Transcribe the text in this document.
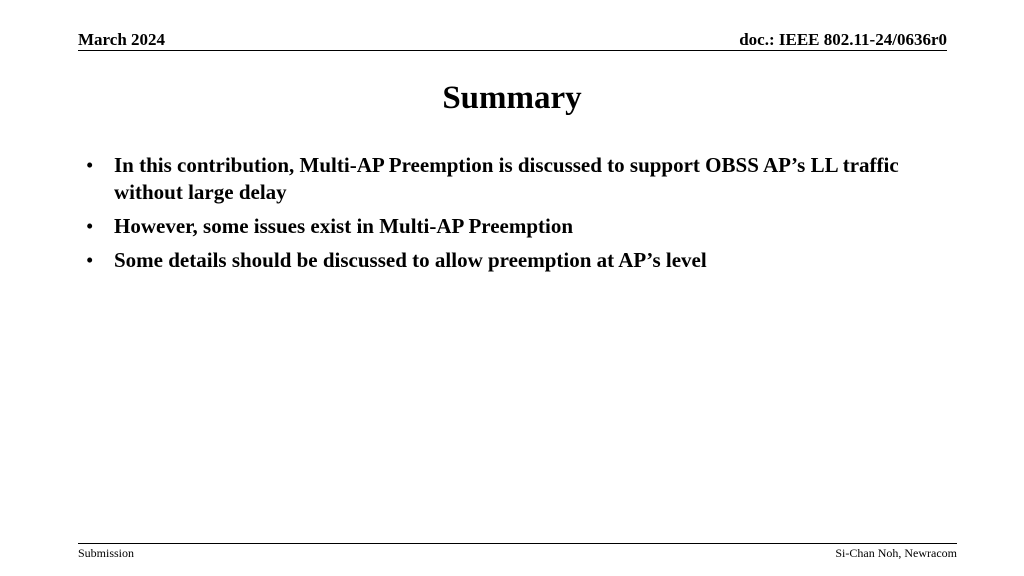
March 2024	doc.: IEEE 802.11-24/0636r0
Summary
• In this contribution, Multi-AP Preemption is discussed to support OBSS AP’s LL traffic without large delay
• However, some issues exist in Multi-AP Preemption
• Some details should be discussed to allow preemption at AP’s level
Submission	Si-Chan Noh, Newracom
